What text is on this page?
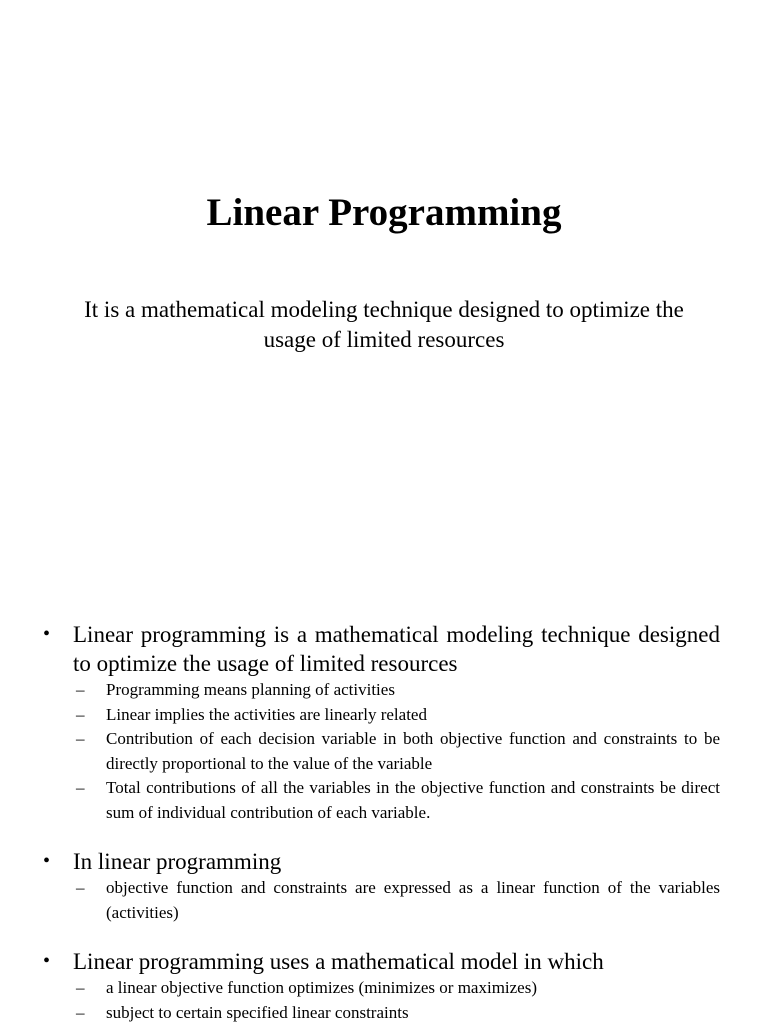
Linear Programming

It is a mathematical modeling technique designed to optimize the usage of limited resources

• Linear programming is a mathematical modeling technique designed to optimize the usage of limited resources
– Programming means planning of activities
– Linear implies the activities are linearly related
– Contribution of each decision variable in both objective function and constraints to be directly proportional to the value of the variable
– Total contributions of all the variables in the objective function and constraints be direct sum of individual contribution of each variable.
• In linear programming
– objective function and constraints are expressed as a linear function of the variables (activities)
• Linear programming uses a mathematical model in which
– a linear objective function optimizes (minimizes or maximizes)
– subject to certain specified linear constraints
